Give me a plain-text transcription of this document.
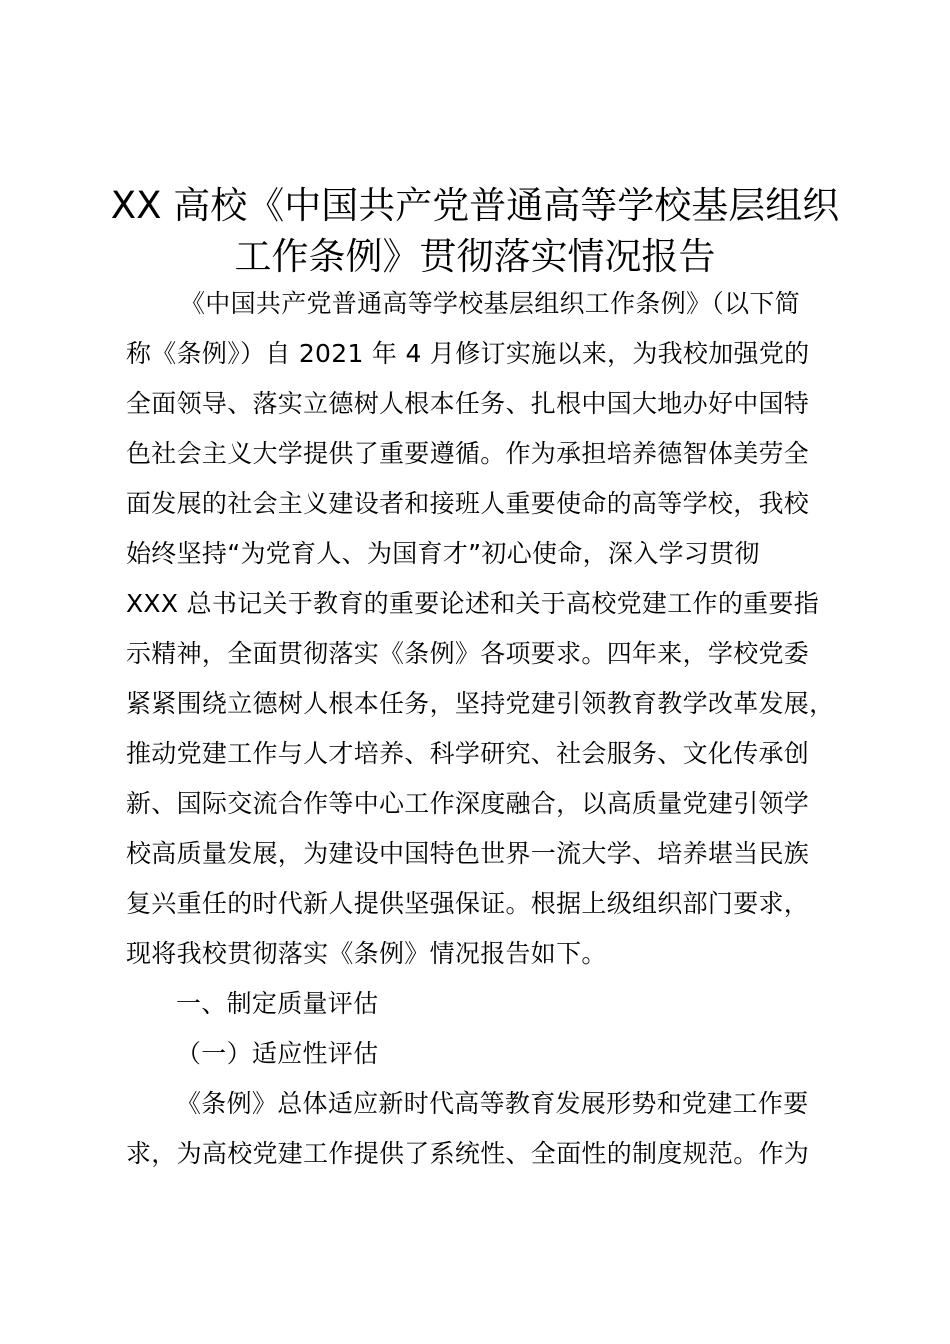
XX 高校《中国共产党普通高等学校基层组织
工作条例》贯彻落实情况报告
《中国共产党普通高等学校基层组织工作条例》（以下简
称《条例》）自 2021 年 4 月修订实施以来，为我校加强党的
全面领导、落实立德树人根本任务、扎根中国大地办好中国特
色社会主义大学提供了重要遵循。作为承担培养德智体美劳全
面发展的社会主义建设者和接班人重要使命的高等学校，我校
始终坚持“为党育人、为国育才”初心使命，深入学习贯彻
XXX 总书记关于教育的重要论述和关于高校党建工作的重要指
示精神，全面贯彻落实《条例》各项要求。四年来，学校党委
紧紧围绕立德树人根本任务，坚持党建引领教育教学改革发展，
推动党建工作与人才培养、科学研究、社会服务、文化传承创
新、国际交流合作等中心工作深度融合，以高质量党建引领学
校高质量发展，为建设中国特色世界一流大学、培养堪当民族
复兴重任的时代新人提供坚强保证。根据上级组织部门要求，
现将我校贯彻落实《条例》情况报告如下。
一、制定质量评估
（一）适应性评估
《条例》总体适应新时代高等教育发展形势和党建工作要
求，为高校党建工作提供了系统性、全面性的制度规范。作为
